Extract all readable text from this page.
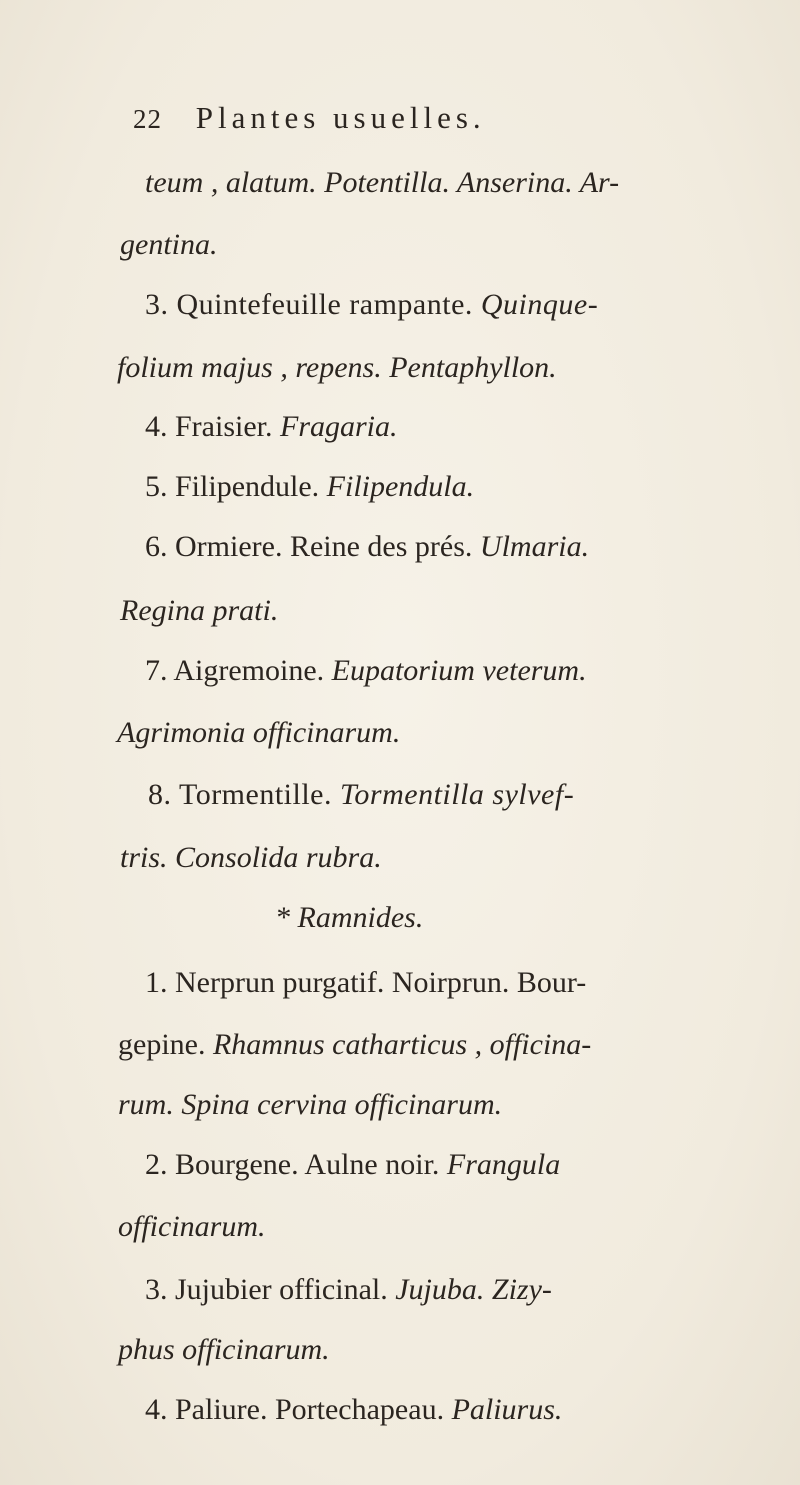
22 Plantes usuelles.
teum , alatum. Potentilla. Anserina. Ar-
gentina.
3. Quintefeuille rampante. Quinque-
folium majus , repens. Pentaphyllon.
4. Fraisier. Fragaria.
5. Filipendule. Filipendula.
6. Ormiere. Reine des prés. Ulmaria.
Regina prati.
7. Aigremoine. Eupatorium veterum.
Agrimonia officinarum.
8. Tormentille. Tormentilla sylvef-
tris. Consolida rubra.
* Ramnides.
1. Nerprun purgatif. Noirprun. Bour-
gepine. Rhamnus catharticus , officina-
rum. Spina cervina officinarum.
2. Bourgene. Aulne noir. Frangula
officinarum.
3. Jujubier officinal. Jujuba. Zizy-
phus officinarum.
4. Paliure. Portechapeau. Paliurus.
